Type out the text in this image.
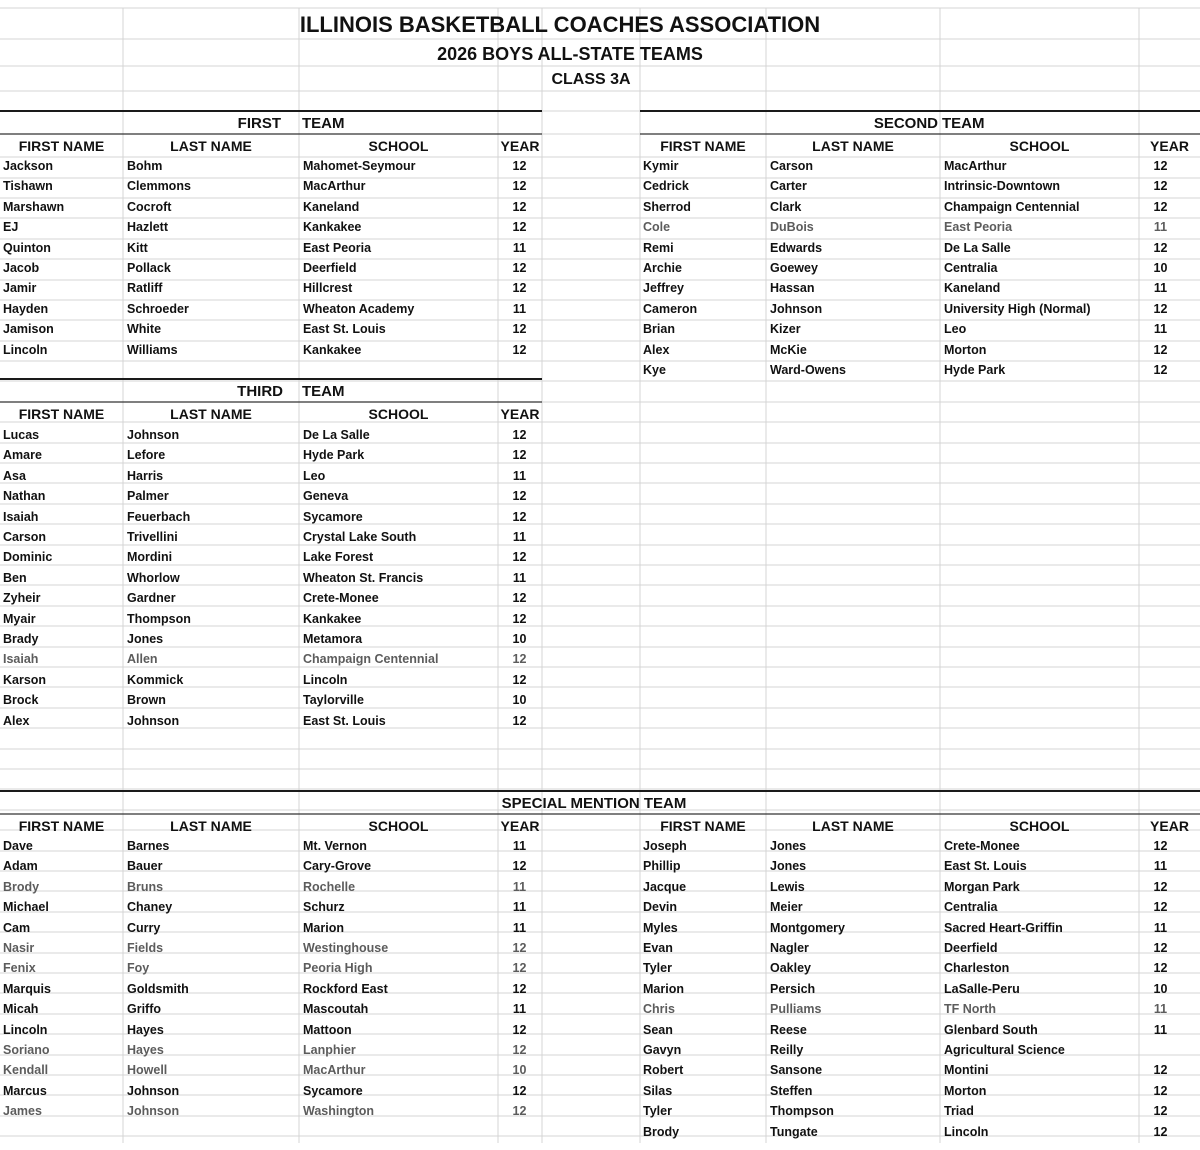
ILLINOIS BASKETBALL COACHES ASSOCIATION
2026 BOYS ALL-STATE TEAMS
CLASS 3A
FIRST TEAM	SECOND TEAM
THIRD TEAM
SPECIAL MENTION TEAM
FIRST NAME	LAST NAME	SCHOOL	YEAR	FIRST NAME	LAST NAME	SCHOOL	YEAR
FIRST NAME	LAST NAME	SCHOOL	YEAR
FIRST NAME	LAST NAME	SCHOOL	YEAR	FIRST NAME	LAST NAME	SCHOOL	YEAR
Jackson	Bohm	Mahomet-Seymour	12
Tishawn	Clemmons	MacArthur	12
Marshawn	Cocroft	Kaneland	12
EJ	Hazlett	Kankakee	12
Quinton	Kitt	East Peoria	11
Jacob	Pollack	Deerfield	12
Jamir	Ratliff	Hillcrest	12
Hayden	Schroeder	Wheaton Academy	11
Jamison	White	East St. Louis	12
Lincoln	Williams	Kankakee	12
Kymir	Carson	MacArthur	12
Cedrick	Carter	Intrinsic-Downtown	12
Sherrod	Clark	Champaign Centennial	12
Cole	DuBois	East Peoria	11
Remi	Edwards	De La Salle	12
Archie	Goewey	Centralia	10
Jeffrey	Hassan	Kaneland	11
Cameron	Johnson	University High (Normal)	12
Brian	Kizer	Leo	11
Alex	McKie	Morton	12
Kye	Ward-Owens	Hyde Park	12
Lucas	Johnson	De La Salle	12
Amare	Lefore	Hyde Park	12
Asa	Harris	Leo	11
Nathan	Palmer	Geneva	12
Isaiah	Feuerbach	Sycamore	12
Carson	Trivellini	Crystal Lake South	11
Dominic	Mordini	Lake Forest	12
Ben	Whorlow	Wheaton St. Francis	11
Zyheir	Gardner	Crete-Monee	12
Myair	Thompson	Kankakee	12
Brady	Jones	Metamora	10
Isaiah	Allen	Champaign Centennial	12
Karson	Kommick	Lincoln	12
Brock	Brown	Taylorville	10
Alex	Johnson	East St. Louis	12
Dave	Barnes	Mt. Vernon	11
Adam	Bauer	Cary-Grove	12
Brody	Bruns	Rochelle	11
Michael	Chaney	Schurz	11
Cam	Curry	Marion	11
Nasir	Fields	Westinghouse	12
Fenix	Foy	Peoria High	12
Marquis	Goldsmith	Rockford East	12
Micah	Griffo	Mascoutah	11
Lincoln	Hayes	Mattoon	12
Soriano	Hayes	Lanphier	12
Kendall	Howell	MacArthur	10
Marcus	Johnson	Sycamore	12
James	Johnson	Washington	12
Joseph	Jones	Crete-Monee	12
Phillip	Jones	East St. Louis	11
Jacque	Lewis	Morgan Park	12
Devin	Meier	Centralia	12
Myles	Montgomery	Sacred Heart-Griffin	11
Evan	Nagler	Deerfield	12
Tyler	Oakley	Charleston	12
Marion	Persich	LaSalle-Peru	10
Chris	Pulliams	TF North	11
Sean	Reese	Glenbard South	11
Gavyn	Reilly	Agricultural Science
Robert	Sansone	Montini	12
Silas	Steffen	Morton	12
Tyler	Thompson	Triad	12
Brody	Tungate	Lincoln	12
